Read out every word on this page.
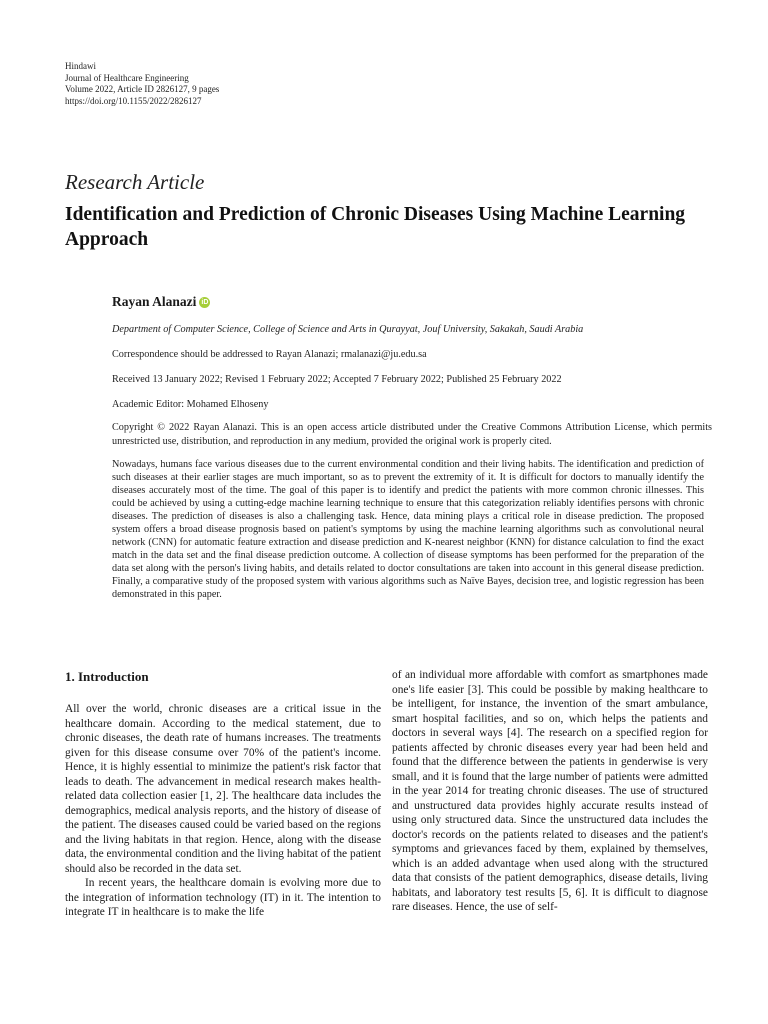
Hindawi
Journal of Healthcare Engineering
Volume 2022, Article ID 2826127, 9 pages
https://doi.org/10.1155/2022/2826127
Research Article
Identification and Prediction of Chronic Diseases Using Machine Learning Approach
Rayan Alanazi iD
Department of Computer Science, College of Science and Arts in Qurayyat, Jouf University, Sakakah, Saudi Arabia
Correspondence should be addressed to Rayan Alanazi; rmalanazi@ju.edu.sa
Received 13 January 2022; Revised 1 February 2022; Accepted 7 February 2022; Published 25 February 2022
Academic Editor: Mohamed Elhoseny
Copyright © 2022 Rayan Alanazi. This is an open access article distributed under the Creative Commons Attribution License, which permits unrestricted use, distribution, and reproduction in any medium, provided the original work is properly cited.
Nowadays, humans face various diseases due to the current environmental condition and their living habits. The identification and prediction of such diseases at their earlier stages are much important, so as to prevent the extremity of it. It is difficult for doctors to manually identify the diseases accurately most of the time. The goal of this paper is to identify and predict the patients with more common chronic illnesses. This could be achieved by using a cutting-edge machine learning technique to ensure that this categorization reliably identifies persons with chronic diseases. The prediction of diseases is also a challenging task. Hence, data mining plays a critical role in disease prediction. The proposed system offers a broad disease prognosis based on patient's symptoms by using the machine learning algorithms such as convolutional neural network (CNN) for automatic feature extraction and disease prediction and K-nearest neighbor (KNN) for distance calculation to find the exact match in the data set and the final disease prediction outcome. A collection of disease symptoms has been performed for the preparation of the data set along with the person's living habits, and details related to doctor consultations are taken into account in this general disease prediction. Finally, a comparative study of the proposed system with various algorithms such as Naïve Bayes, decision tree, and logistic regression has been demonstrated in this paper.
1. Introduction

All over the world, chronic diseases are a critical issue in the healthcare domain. According to the medical statement, due to chronic diseases, the death rate of humans increases. The treatments given for this disease consume over 70% of the patient's income. Hence, it is highly essential to minimize the patient's risk factor that leads to death. The advancement in medical research makes health-related data collection easier [1, 2]. The healthcare data includes the demographics, medical analysis reports, and the history of disease of the patient. The diseases caused could be varied based on the regions and the living habitats in that region. Hence, along with the disease data, the environmental condition and the living habitat of the patient should also be recorded in the data set.

In recent years, the healthcare domain is evolving more due to the integration of information technology (IT) in it. The intention to integrate IT in healthcare is to make the life

of an individual more affordable with comfort as smartphones made one's life easier [3]. This could be possible by making healthcare to be intelligent, for instance, the invention of the smart ambulance, smart hospital facilities, and so on, which helps the patients and doctors in several ways [4]. The research on a specified region for patients affected by chronic diseases every year had been held and found that the difference between the patients in genderwise is very small, and it is found that the large number of patients were admitted in the year 2014 for treating chronic diseases. The use of structured and unstructured data provides highly accurate results instead of using only structured data. Since the unstructured data includes the doctor's records on the patients related to diseases and the patient's symptoms and grievances faced by them, explained by themselves, which is an added advantage when used along with the structured data that consists of the patient demographics, disease details, living habitats, and laboratory test results [5, 6]. It is difficult to diagnose rare diseases. Hence, the use of self-
